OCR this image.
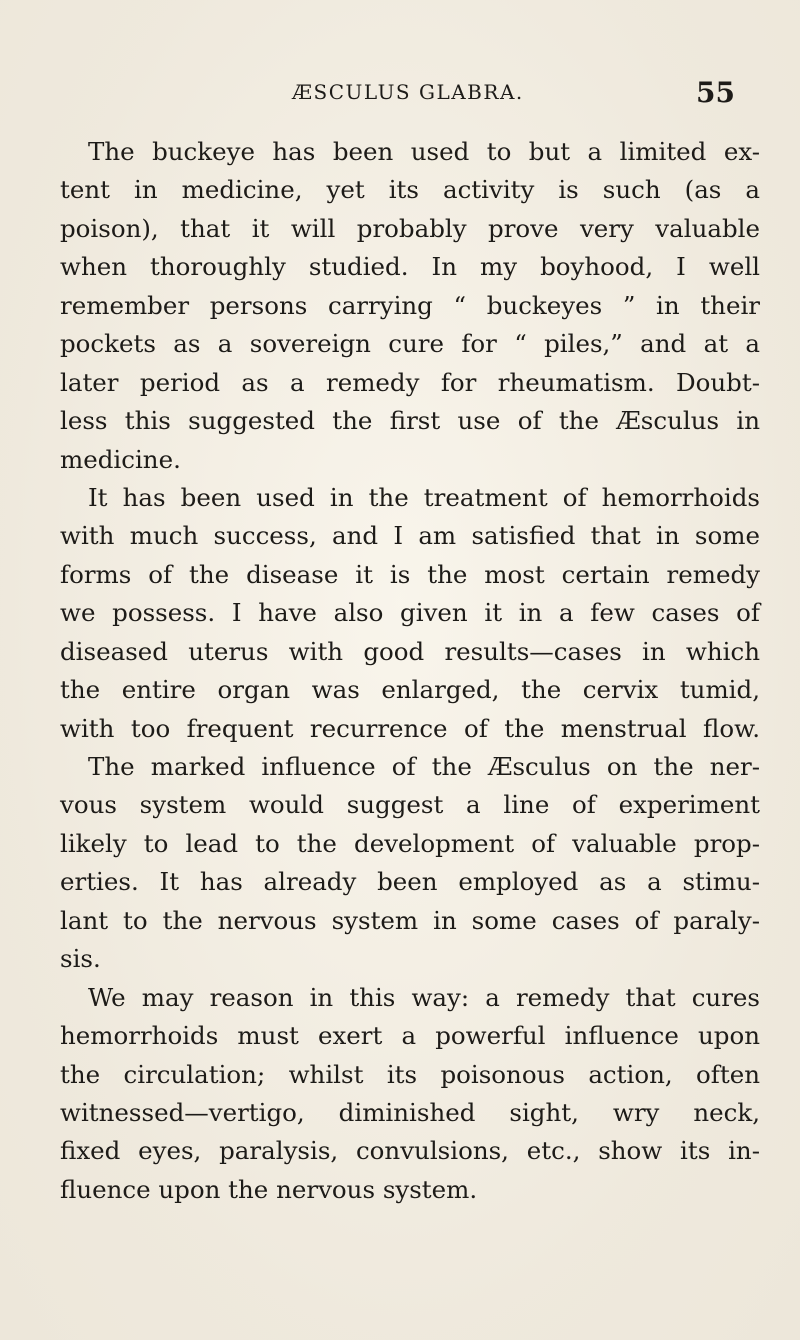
ÆSCULUS GLABRA.	55
The buckeye has been used to but a limited ex-
tent in medicine, yet its activity is such (as a
poison), that it will probably prove very valuable
when thoroughly studied. In my boyhood, I well
remember persons carrying “ buckeyes ” in their
pockets as a sovereign cure for “ piles,” and at a
later period as a remedy for rheumatism. Doubt-
less this suggested the first use of the Æsculus in
medicine.
It has been used in the treatment of hemorrhoids
with much success, and I am satisfied that in some
forms of the disease it is the most certain remedy
we possess. I have also given it in a few cases of
diseased uterus with good results—cases in which
the entire organ was enlarged, the cervix tumid,
with too frequent recurrence of the menstrual flow.
The marked influence of the Æsculus on the ner-
vous system would suggest a line of experiment
likely to lead to the development of valuable prop-
erties. It has already been employed as a stimu-
lant to the nervous system in some cases of paraly-
sis.
We may reason in this way: a remedy that cures
hemorrhoids must exert a powerful influence upon
the circulation; whilst its poisonous action, often
witnessed—vertigo, diminished sight, wry neck,
fixed eyes, paralysis, convulsions, etc., show its in-
fluence upon the nervous system.
